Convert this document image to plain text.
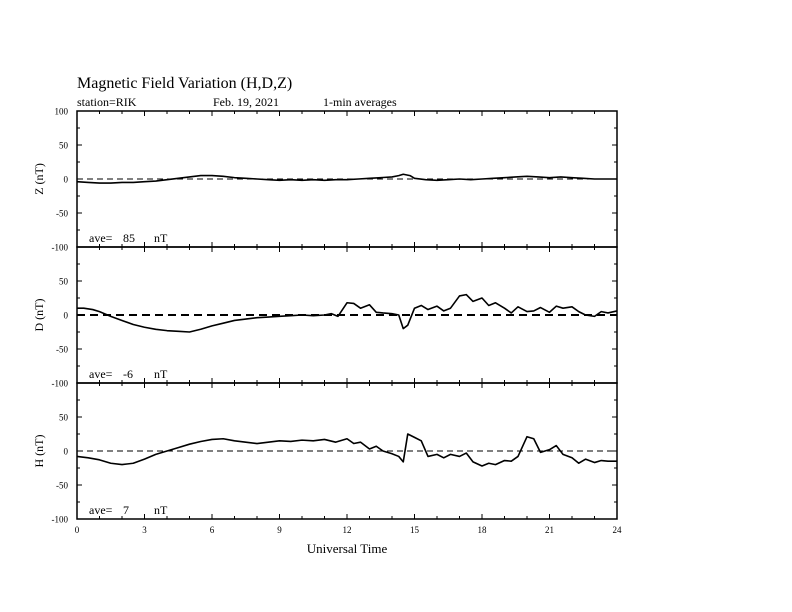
Magnetic Field Variation (H,D,Z)
station=RIK	Feb. 19, 2021	1-min averages
100
50
0
-50
-100
Z (nT)
ave= 85 nT
50
0
-50
-100
D (nT)
ave= -6 nT
50
0
-50
-100
H (nT)
ave= 7 nT
0	3	6	9	12	15	18	21	24
Universal Time
